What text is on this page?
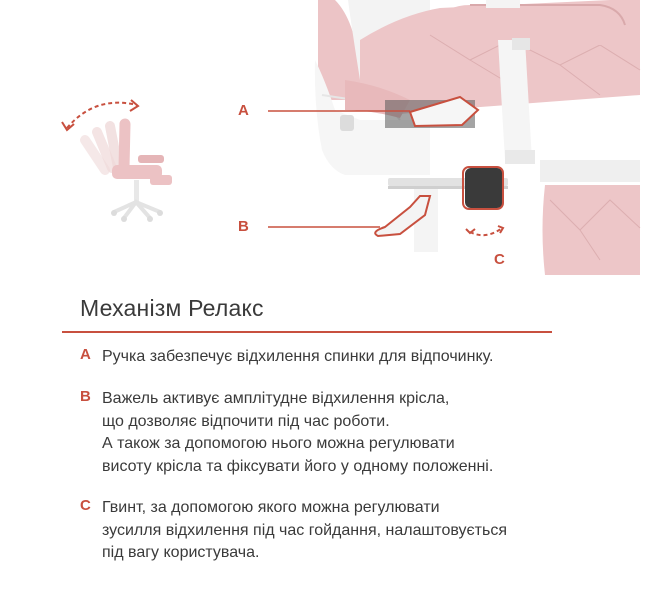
A
B
C
Механізм Релакс
A Ручка забезпечує відхилення спинки для відпочинку.
B Важель активує амплітудне відхилення крісла,
що дозволяє відпочити під час роботи.
А також за допомогою нього можна регулювати
висоту крісла та фіксувати його у одному положенні.
C Гвинт, за допомогою якого можна регулювати
зусилля відхилення під час гойдання, налаштовується
під вагу користувача.
